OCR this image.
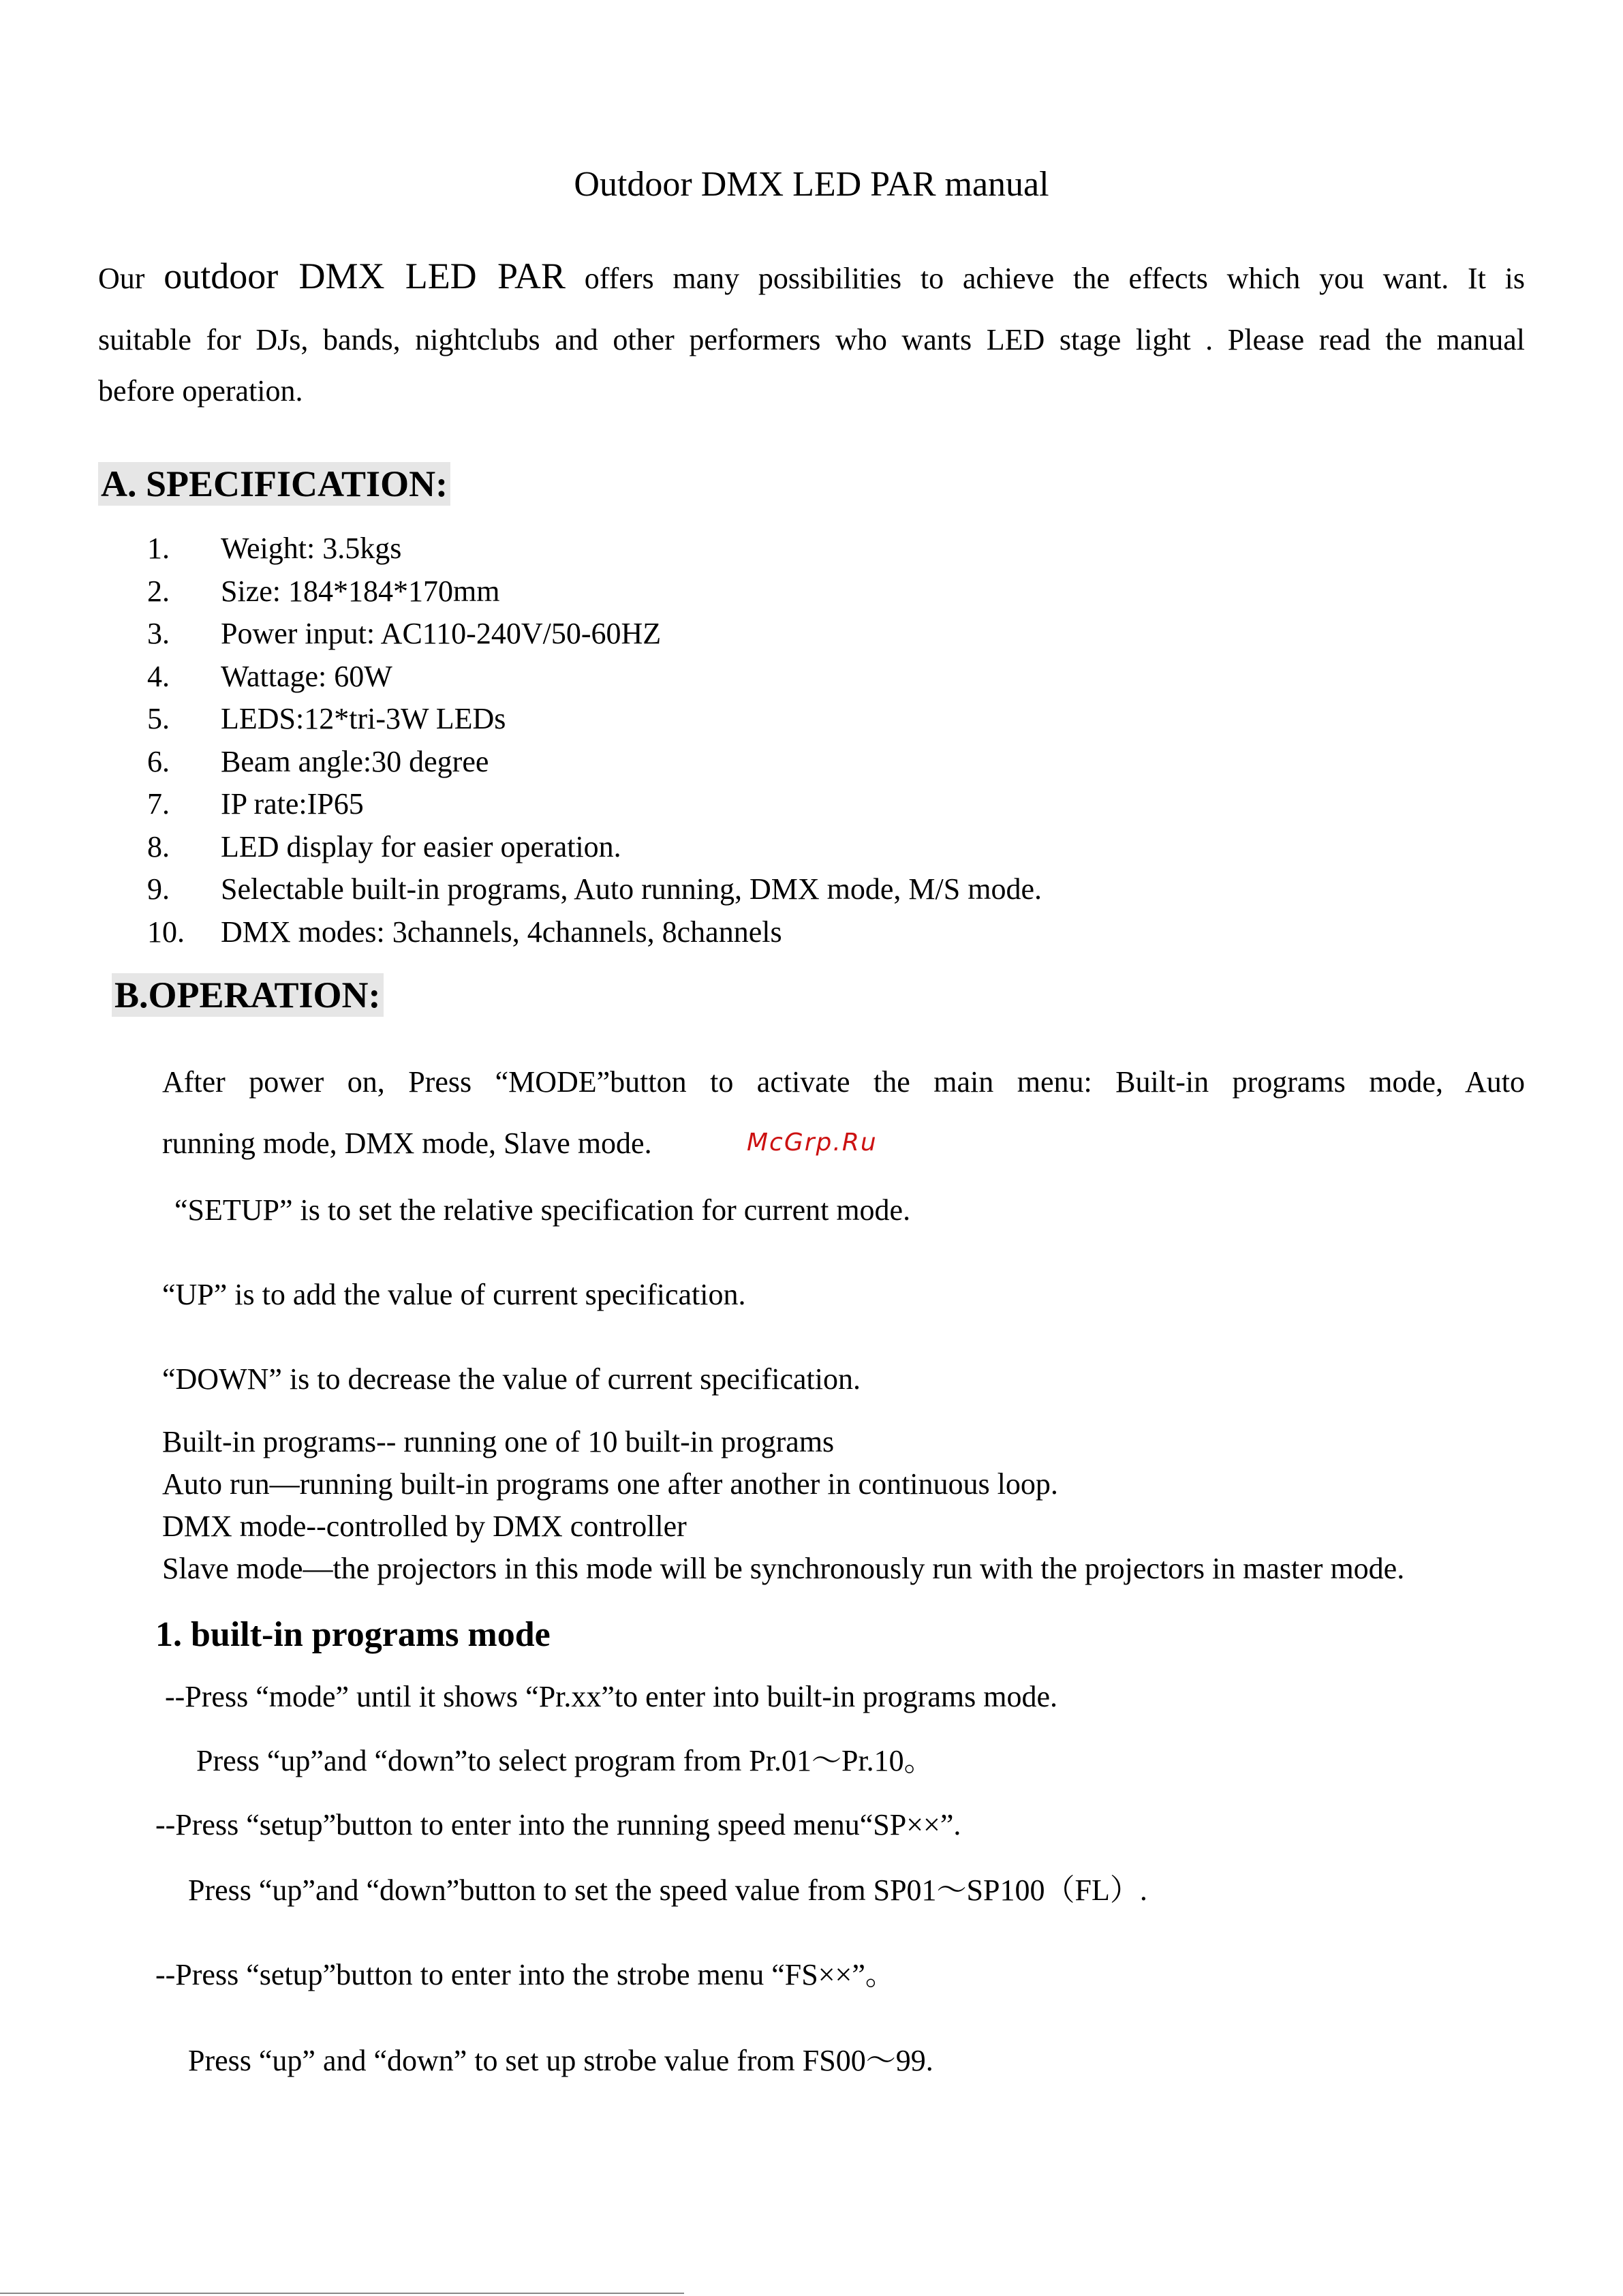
Outdoor DMX LED PAR manual
Our outdoor DMX LED PAR offers many possibilities to achieve the effects which you want. It is
suitable for DJs, bands, nightclubs and other performers who wants LED stage light . Please read the manual
before operation.
A. SPECIFICATION:
1. Weight: 3.5kgs
2. Size: 184*184*170mm
3. Power input: AC110-240V/50-60HZ
4. Wattage: 60W
5. LEDS:12*tri-3W LEDs
6. Beam angle:30 degree
7. IP rate:IP65
8. LED display for easier operation.
9. Selectable built-in programs, Auto running, DMX mode, M/S mode.
10. DMX modes: 3channels, 4channels, 8channels
B.OPERATION:
After power on, Press “MODE”button to activate the main menu: Built-in programs mode, Auto
running mode, DMX mode, Slave mode.	McGrp.Ru
“SETUP” is to set the relative specification for current mode.
“UP” is to add the value of current specification.
“DOWN” is to decrease the value of current specification.
Built-in programs-- running one of 10 built-in programs
Auto run—running built-in programs one after another in continuous loop.
DMX mode--controlled by DMX controller
Slave mode—the projectors in this mode will be synchronously run with the projectors in master mode.
1. built-in programs mode
--Press “mode” until it shows “Pr.xx”to enter into built-in programs mode.
Press “up”and “down”to select program from Pr.01～Pr.10。
--Press “setup”button to enter into the running speed menu“SP××”.
Press “up”and “down”button to set the speed value from SP01～SP100（FL）.
--Press “setup”button to enter into the strobe menu “FS××”。
Press “up” and “down” to set up strobe value from FS00～99.
